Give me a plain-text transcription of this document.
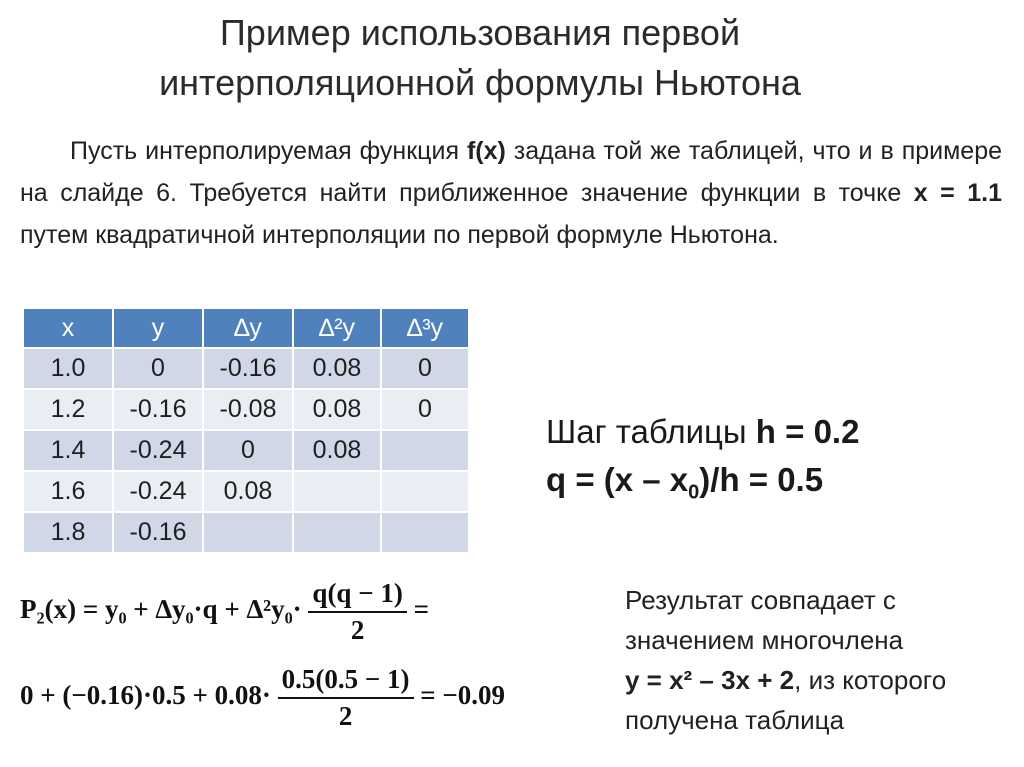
Пример использования первой
интерполяционной формулы Ньютона
Пусть интерполируемая функция f(x) задана той же таблицей, что и в примере на слайде 6. Требуется найти приближенное значение функции в точке x = 1.1 путем квадратичной интерполяции по первой формуле Ньютона.
x	y	∆y	∆²y	∆³y
1.0	0	-0.16	0.08	0
1.2	-0.16	-0.08	0.08	0
1.4	-0.24	0	0.08	
1.6	-0.24	0.08		
1.8	-0.16			
Шаг таблицы h = 0.2
$q = (x - x_0)/h = 0.5$
$P_2(x) = y_0 + \Delta y_0\cdot q + \Delta^2y_0\cdot \frac{q(q - 1)}{2}$ =
$0 + (-0.16)\cdot 0.5 + 0.08\cdot \frac{0.5(0.5 - 1)}{2} = -0.09$
Результат совпадает с
значением многочлена
y = x² – 3x + 2, из которого
получена таблица
